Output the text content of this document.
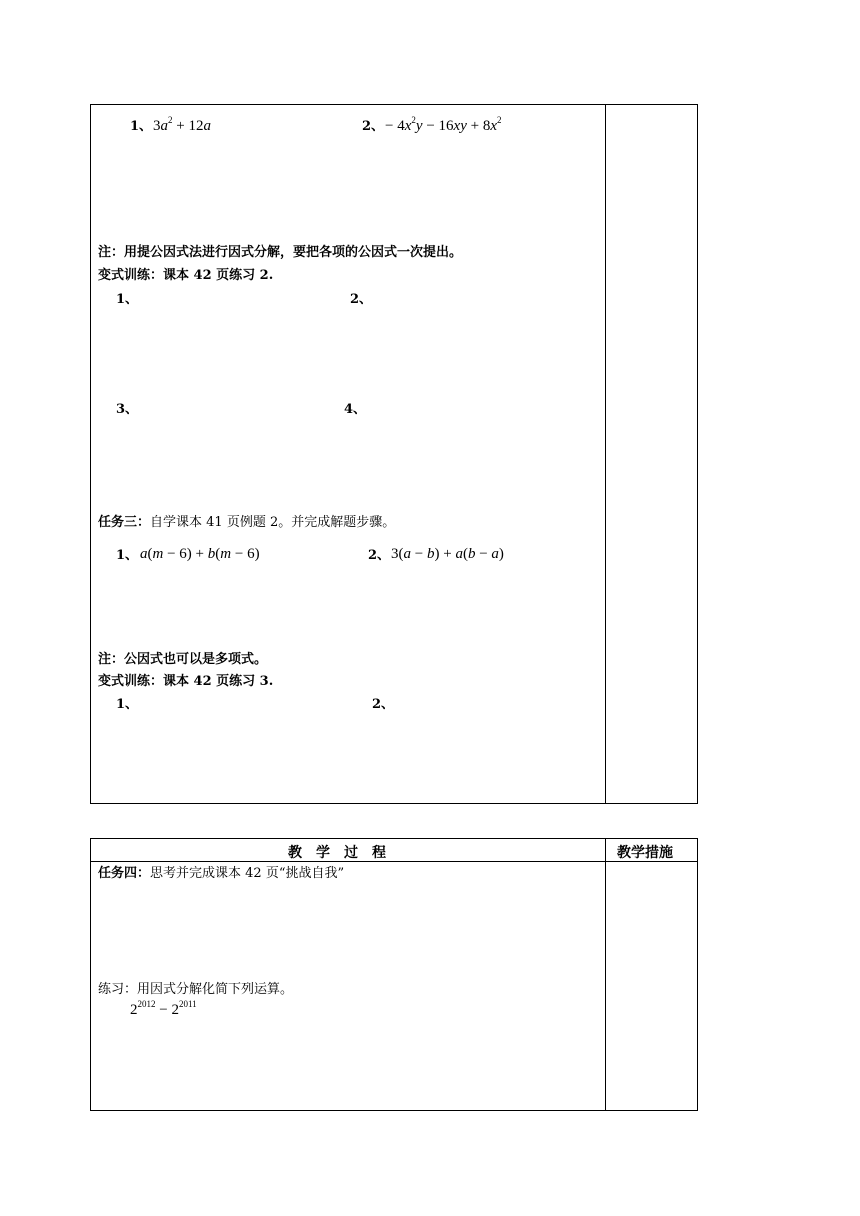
1、 $3a^2 + 12a$	2、 − $4x^2y - 16xy + 8x^2$
注：用提公因式法进行因式分解，要把各项的公因式一次提出。
变式训练：课本 42 页练习 2.
1、	2、
3、	4、
任务三：自学课本 41 页例题 2。并完成解题步骤。
1、 a(m − 6) + b(m − 6)	2、 3(a − b) + a(b − a)
注：公因式也可以是多项式。
变式训练：课本 42 页练习 3.
1、	2、
教　学　过　程	教学措施
任务四：思考并完成课本 42 页“挑战自我”
练习：用因式分解化简下列运算。
$2^{2012} - 2^{2011}$
